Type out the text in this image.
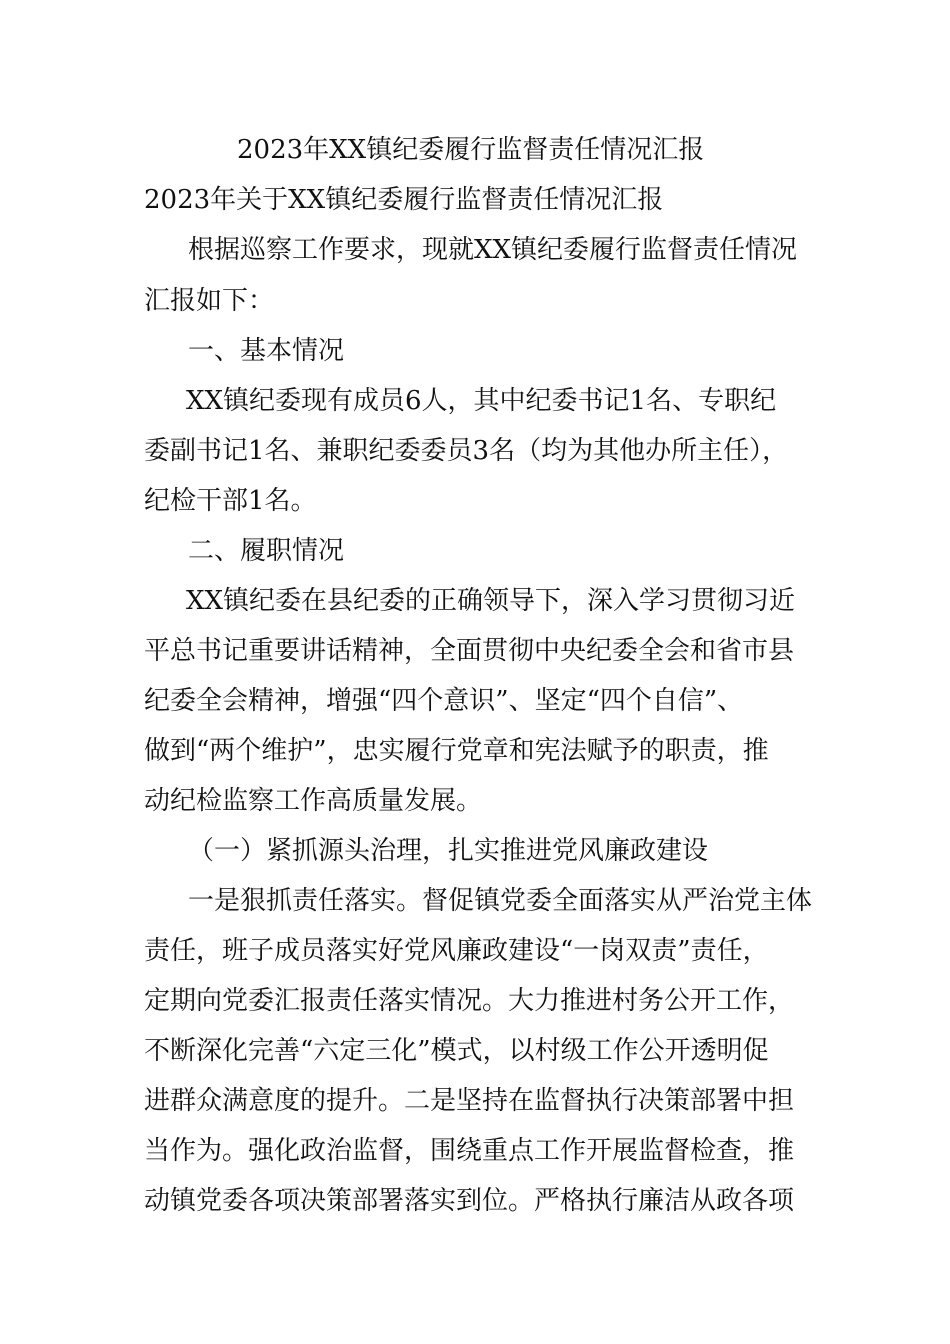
2023年XX镇纪委履行监督责任情况汇报
2023年关于XX镇纪委履行监督责任情况汇报
根据巡察工作要求，现就XX镇纪委履行监督责任情况
汇报如下：
一、基本情况
XX镇纪委现有成员6人，其中纪委书记1名、专职纪
委副书记1名、兼职纪委委员3名（均为其他办所主任），
纪检干部1名。
二、履职情况
XX镇纪委在县纪委的正确领导下，深入学习贯彻习近
平总书记重要讲话精神，全面贯彻中央纪委全会和省市县
纪委全会精神，增强“四个意识”、坚定“四个自信”、
做到“两个维护”，忠实履行党章和宪法赋予的职责，推
动纪检监察工作高质量发展。
（一）紧抓源头治理，扎实推进党风廉政建设
一是狠抓责任落实。督促镇党委全面落实从严治党主体
责任，班子成员落实好党风廉政建设“一岗双责”责任，
定期向党委汇报责任落实情况。大力推进村务公开工作，
不断深化完善“六定三化”模式，以村级工作公开透明促
进群众满意度的提升。二是坚持在监督执行决策部署中担
当作为。强化政治监督，围绕重点工作开展监督检查，推
动镇党委各项决策部署落实到位。严格执行廉洁从政各项
